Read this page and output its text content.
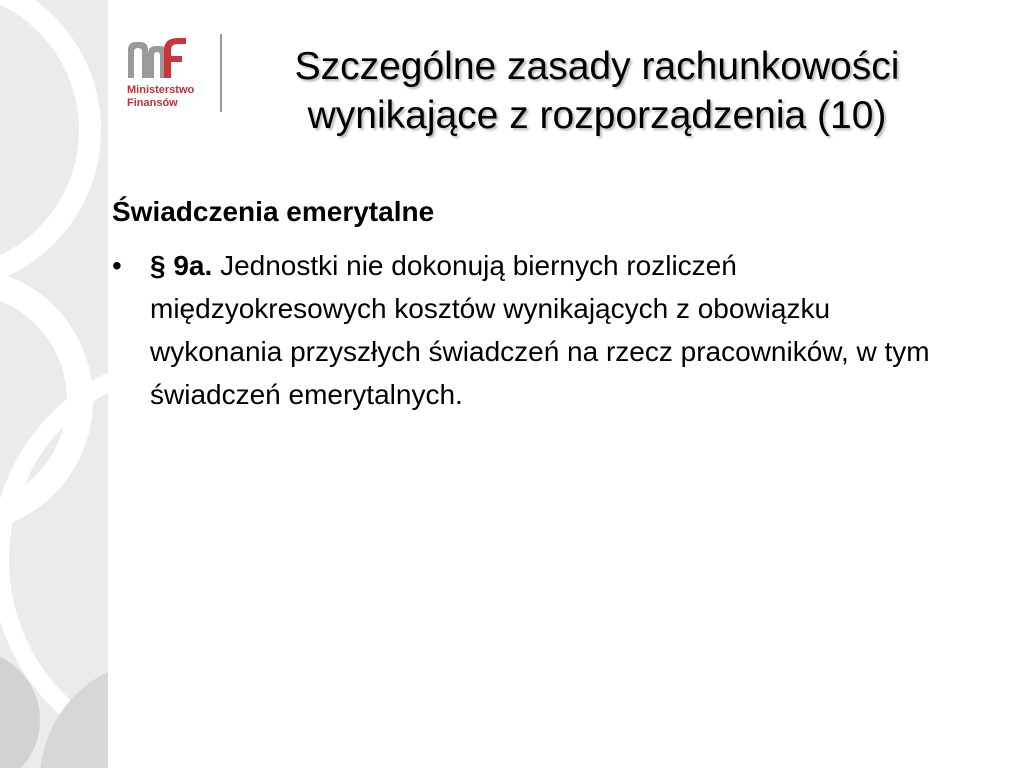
Ministerstwo
Finansów
Szczególne zasady rachunkowości
wynikające z rozporządzenia (10)
Świadczenia emerytalne
• § 9a. Jednostki nie dokonują biernych rozliczeń międzyokresowych kosztów wynikających z obowiązku wykonania przyszłych świadczeń na rzecz pracowników, w tym świadczeń emerytalnych.
